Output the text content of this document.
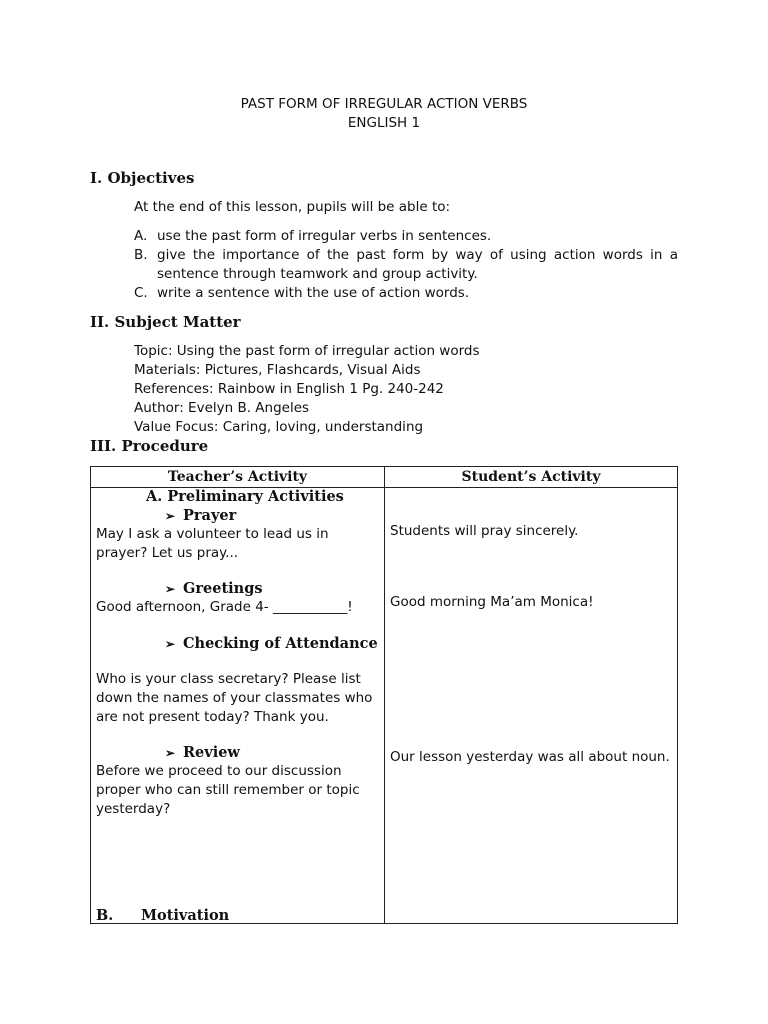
PAST FORM OF IRREGULAR ACTION VERBS
ENGLISH 1
I. Objectives
At the end of this lesson, pupils will be able to:
A. use the past form of irregular verbs in sentences.
B. give the importance of the past form by way of using action words in a sentence through teamwork and group activity.
C. write a sentence with the use of action words.
II. Subject Matter
Topic: Using the past form of irregular action words
Materials: Pictures, Flashcards, Visual Aids
References: Rainbow in English 1 Pg. 240-242
Author: Evelyn B. Angeles
Value Focus: Caring, loving, understanding
III. Procedure
Teacher’s Activity	Student’s Activity
A. Preliminary Activities
➢ Prayer
May I ask a volunteer to lead us in
prayer? Let us pray...
Students will pray sincerely.
➢ Greetings
Good afternoon, Grade 4- ___________!	Good morning Ma’am Monica!
➢ Checking of Attendance
Who is your class secretary? Please list
down the names of your classmates who
are not present today? Thank you.
➢ Review
Before we proceed to our discussion
proper who can still remember or topic
yesterday?
Our lesson yesterday was all about noun.
B. Motivation
